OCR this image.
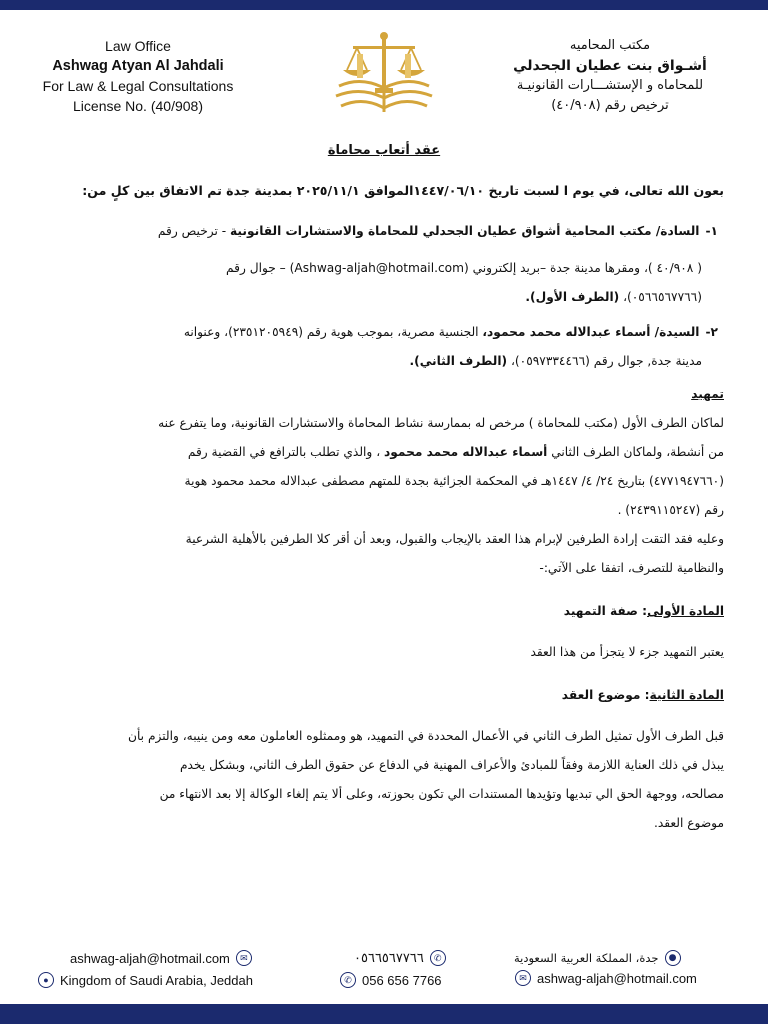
Law Office
Ashwag Atyan Al Jahdali
For Law & Legal Consultations
License No. (40/908)
مكتب المحاميه
أشـواق بنت عطيان الجحدلي
للمحاماه و الإستشـــارات القانونيـة
ترخيص رقم (٤٠/٩٠٨)
عقد أتعاب محاماة

بعون الله تعالى، في يوم ا لسبت تاريخ ١٤٤٧/٠٦/١٠الموافق ٢٠٢٥/١١/١ بمدينة جدة تم الاتفاق بين كلٍ من:

١-السادة/ مكتب المحامية أشواق عطيان الجحدلي للمحاماة والاستشارات القانونية - ترخيص رقم

( ٤٠/٩٠٨ )، ومقرها مدينة جدة –بريد إلكتروني (Ashwag-aljah@hotmail.com) – جوال رقم

(٠٥٦٦٥٦٧٧٦٦)، (الطرف الأول).

٢-السيدة/ أسماء عبدالاله محمد محمود، الجنسية مصرية، بموجب هوية رقم (٢٣٥١٢٠٥٩٤٩)، وعنوانه

مدينة جدة, جوال رقم (٠٥٩٧٣٣٤٤٦٦)، (الطرف الثاني).

تمهيد

لماكان الطرف الأول (مكتب للمحاماة ) مرخص له بممارسة نشاط المحاماة والاستشارات القانونية، وما يتفرع عنه

من أنشطة، ولماكان الطرف الثاني أسماء عبدالاله محمد محمود ، والذي تطلب بالترافع في القضية رقم

(٤٧٧١٩٤٧٦٦٠) بتاريخ ٢٤/ ٤/ ١٤٤٧هـ في المحكمة الجزائية بجدة للمتهم مصطفى عبدالاله محمد محمود هوية

رقم (٢٤٣٩١١٥٢٤٧) .

وعليه فقد التقت إرادة الطرفين لإبرام هذا العقد بالإيجاب والقبول، وبعد أن أقر كلا الطرفين بالأهلية الشرعية

والنظامية للتصرف، اتفقا على الآتي:-

المادة الأولى: صفة التمهيد

يعتبر التمهيد جزء لا يتجزأ من هذا العقد

المادة الثانية: موضوع العقد

قبل الطرف الأول تمثيل الطرف الثاني في الأعمال المحددة في التمهيد، هو وممثلوه العاملون معه ومن ينيبه، والتزم بأن

يبذل في ذلك العناية اللازمة وفقاً للمبادئ والأعراف المهنية في الدفاع عن حقوق الطرف الثاني، وبشكل يخدم

مصالحه، ووجهة الحق الي تبديها وتؤيدها المستندات الي تكون بحوزته، وعلى ألا يتم إلغاء الوكالة إلا بعد الانتهاء من

موضوع العقد.

ashwag-aljah@hotmail.com	✉
● Kingdom of Saudi Arabia, Jeddah
٠٥٦٦٥٦٧٧٦٦	✆
✆ 056 656 7766
●
جدة، المملكة العربية السعودية
✉ ashwag-aljah@hotmail.com
